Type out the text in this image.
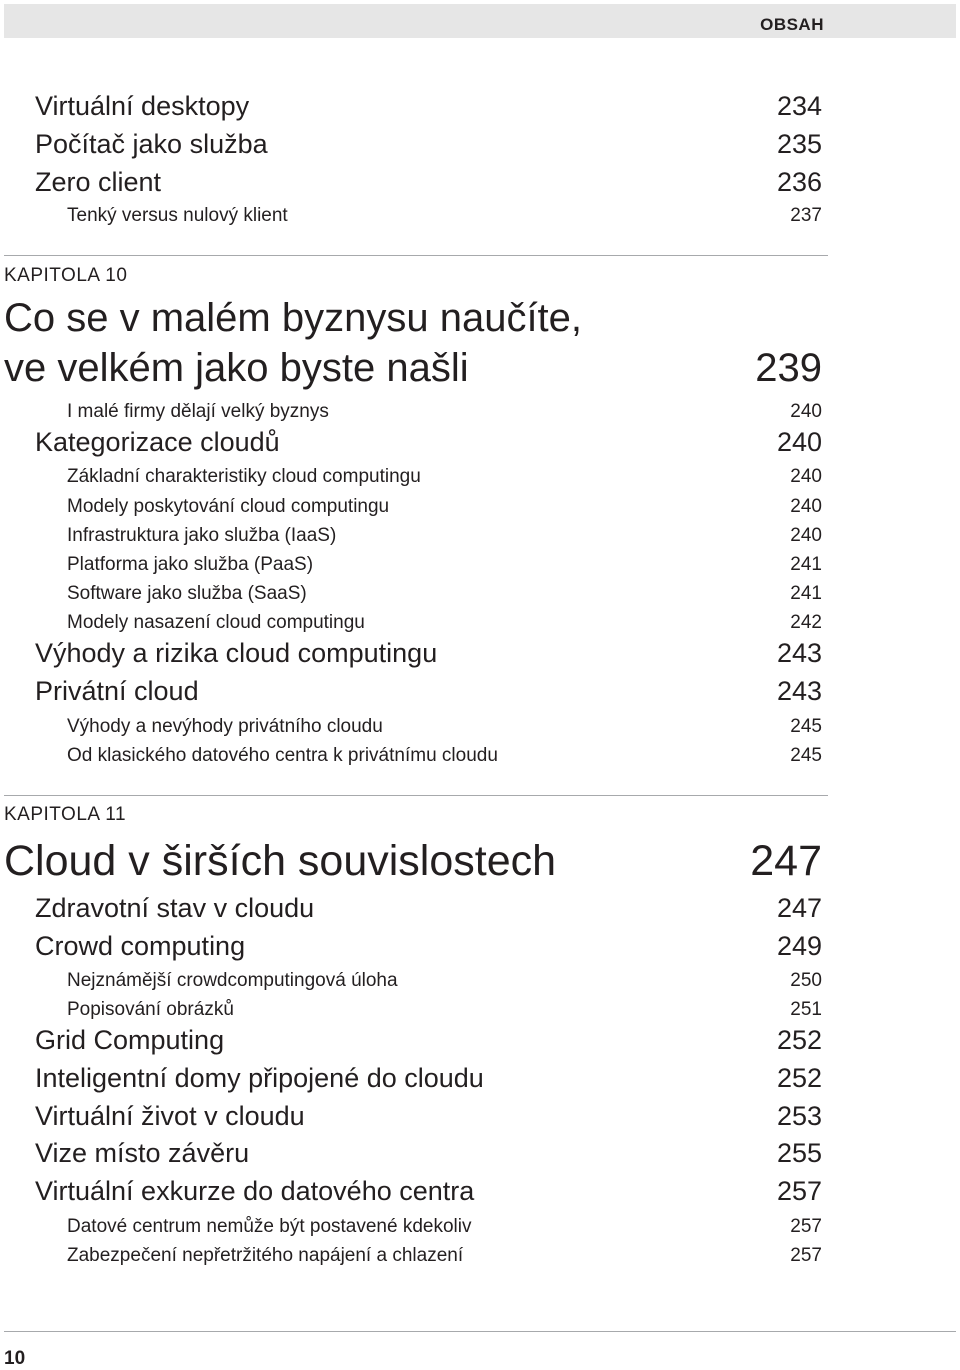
OBSAH
Virtuální desktopy	234
Počítač jako služba	235
Zero client	236
Tenký versus nulový klient	237
KAPITOLA 10
Co se v malém byznysu naučíte,
ve velkém jako byste našli	239
I malé firmy dělají velký byznys	240
Kategorizace cloudů	240
Základní charakteristiky cloud computingu	240
Modely poskytování cloud computingu	240
Infrastruktura jako služba (IaaS)	240
Platforma jako služba (PaaS)	241
Software jako služba (SaaS)	241
Modely nasazení cloud computingu	242
Výhody a rizika cloud computingu	243
Privátní cloud	243
Výhody a nevýhody privátního cloudu	245
Od klasického datového centra k privátnímu cloudu	245
KAPITOLA 11
Cloud v širších souvislostech	247
Zdravotní stav v cloudu	247
Crowd computing	249
Nejznámější crowdcomputingová úloha	250
Popisování obrázků	251
Grid Computing	252
Inteligentní domy připojené do cloudu	252
Virtuální život v cloudu	253
Vize místo závěru	255
Virtuální exkurze do datového centra	257
Datové centrum nemůže být postavené kdekoliv	257
Zabezpečení nepřetržitého napájení a chlazení	257
10
